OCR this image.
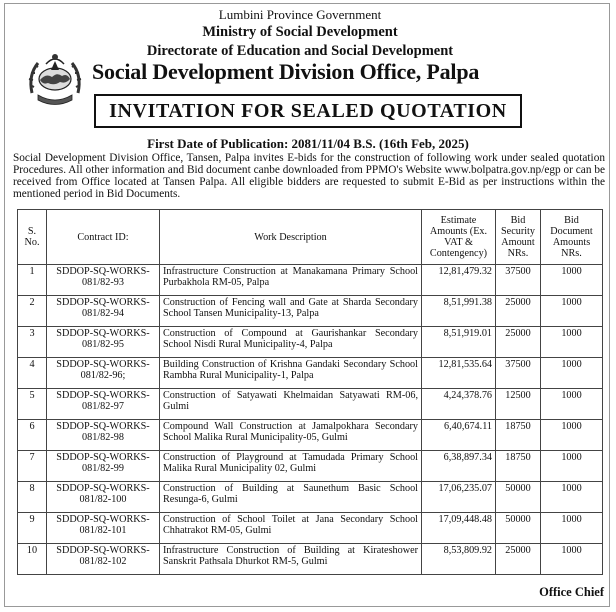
Lumbini Province Government
Ministry of Social Development
Directorate of Education and Social Development
Social Development Division Office, Palpa
INVITATION FOR SEALED QUOTATION
First Date of Publication: 2081/11/04 B.S. (16th Feb, 2025)
Social Development Division Office, Tansen, Palpa invites E-bids for the construction of following work under sealed quotation Procedures. All other information and Bid document canbe downloaded from PPMO's Website www.bolpatra.gov.np/egp or can be received from Office located at Tansen Palpa. All eligible bidders are requested to submit E-Bid as per instructions within the mentioned period in Bid Documents.
S. No.	Contract ID:	Work Description	Estimate Amounts (Ex. VAT & Contengency)	Bid Security Amount NRs.	Bid Document Amounts NRs.
1	SDDOP-SQ-WORKS-081/82-93	Infrastructure Construction at Manakamana Primary School Purbakhola RM-05, Palpa	12,81,479.32	37500	1000
2	SDDOP-SQ-WORKS-081/82-94	Construction of Fencing wall and Gate at Sharda Secondary School Tansen Municipality-13, Palpa	8,51,991.38	25000	1000
3	SDDOP-SQ-WORKS-081/82-95	Construction of Compound at Gaurishankar Secondary School Nisdi Rural Municipality-4, Palpa	8,51,919.01	25000	1000
4	SDDOP-SQ-WORKS-081/82-96;	Building Construction of Krishna Gandaki Secondary School Rambha Rural Municipality-1, Palpa	12,81,535.64	37500	1000
5	SDDOP-SQ-WORKS-081/82-97	Construction of Satyawati Khelmaidan Satyawati RM-06, Gulmi	4,24,378.76	12500	1000
6	SDDOP-SQ-WORKS-081/82-98	Compound Wall Construction at Jamalpokhara Secondary School Malika Rural Municipality-05, Gulmi	6,40,674.11	18750	1000
7	SDDOP-SQ-WORKS-081/82-99	Construction of Playground at Tamudada Primary School Malika Rural Municipality 02, Gulmi	6,38,897.34	18750	1000
8	SDDOP-SQ-WORKS-081/82-100	Construction of Building at Saunethum Basic School Resunga-6, Gulmi	17,06,235.07	50000	1000
9	SDDOP-SQ-WORKS-081/82-101	Construction of School Toilet at Jana Secondary School Chhatrakot RM-05, Gulmi	17,09,448.48	50000	1000
10	SDDOP-SQ-WORKS-081/82-102	Infrastructure Construction of Building at Kirateshower Sanskrit Pathsala Dhurkot RM-5, Gulmi	8,53,809.92	25000	1000
Office Chief
